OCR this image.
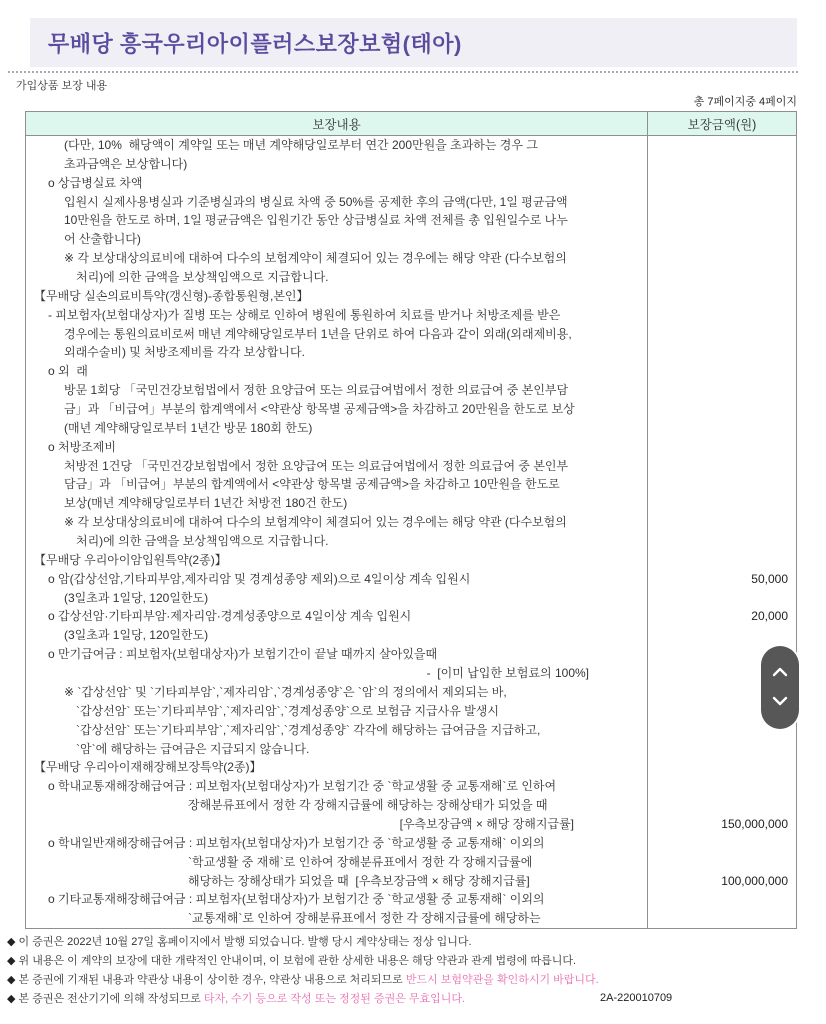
무배당 흥국우리아이플러스보장보험(태아)
가입상품 보장 내용
총 7페이지중 4페이지
보장내용	보장금액(원)
(다만, 10%  해당액이 계약일 또는 매년 계약해당일로부터 연간 200만원을 초과하는 경우 그
초과금액은 보상합니다)
o 상급병실료 차액
입원시 실제사용병실과 기준병실과의 병실료 차액 중 50%를 공제한 후의 금액(다만, 1일 평균금액
10만원을 한도로 하며, 1일 평균금액은 입원기간 동안 상급병실료 차액 전체를 총 입원일수로 나누
어 산출합니다)
※ 각 보상대상의료비에 대하여 다수의 보험계약이 체결되어 있는 경우에는 해당 약관 (다수보험의
처리)에 의한 금액을 보상책임액으로 지급합니다.
【무배당 실손의료비특약(갱신형)-종합통원형,본인】
- 피보험자(보험대상자)가 질병 또는 상해로 인하여 병원에 통원하여 치료를 받거나 처방조제를 받은
경우에는 통원의료비로써 매년 계약해당일로부터 1년을 단위로 하여 다음과 같이 외래(외래제비용,
외래수술비) 및 처방조제비를 각각 보상합니다.
o 외  래
방문 1회당 「국민건강보험법에서 정한 요양급여 또는 의료급여법에서 정한 의료급여 중 본인부담
금」과 「비급여」부분의 합계액에서 <약관상 항목별 공제금액>을 차감하고 20만원을 한도로 보상
(매년 계약해당일로부터 1년간 방문 180회 한도)
o 처방조제비
처방전 1건당 「국민건강보험법에서 정한 요양급여 또는 의료급여법에서 정한 의료급여 중 본인부
담금」과 「비급여」부분의 합계액에서 <약관상 항목별 공제금액>을 차감하고 10만원을 한도로
보상(매년 계약해당일로부터 1년간 처방전 180건 한도)
※ 각 보상대상의료비에 대하여 다수의 보험계약이 체결되어 있는 경우에는 해당 약관 (다수보험의
처리)에 의한 금액을 보상책임액으로 지급합니다.
【무배당 우리아이암입원특약(2종)】
o 암(갑상선암,기타피부암,제자리암 및 경계성종양 제외)으로 4일이상 계속 입원시	50,000
(3일초과 1일당, 120일한도)
o 갑상선암·기타피부암·제자리암·경계성종양으로 4일이상 계속 입원시	20,000
(3일초과 1일당, 120일한도)
o 만기급여금 : 피보험자(보험대상자)가 보험기간이 끝날 때까지 살아있을때
-  [이미 납입한 보험료의 100%]
※ `갑상선암` 및 `기타피부암`,`제자리암`,`경계성종양`은 `암`의 정의에서 제외되는 바,
`갑상선암` 또는`기타피부암`,`제자리암`,`경계성종양`으로 보험금 지급사유 발생시
`갑상선암` 또는`기타피부암`,`제자리암`,`경계성종양` 각각에 해당하는 급여금을 지급하고,
`암`에 해당하는 급여금은 지급되지 않습니다.
【무배당 우리아이재해장해보장특약(2종)】
o 학내교통재해장해급여금 : 피보험자(보험대상자)가 보험기간 중 `학교생활 중 교통재해`로 인하여
장해분류표에서 정한 각 장해지급률에 해당하는 장해상태가 되었을 때
[우측보장금액 × 해당 장해지급률]	150,000,000
o 학내일반재해장해급여금 : 피보험자(보험대상자)가 보험기간 중 `학교생활 중 교통재해` 이외의
`학교생활 중 재해`로 인하여 장해분류표에서 정한 각 장해지급률에
해당하는 장해상태가 되었을 때  [우측보장금액 × 해당 장해지급률]	100,000,000
o 기타교통재해장해급여금 : 피보험자(보험대상자)가 보험기간 중 `학교생활 중 교통재해` 이외의
`교통재해`로 인하여 장해분류표에서 정한 각 장해지급률에 해당하는
◆ 이 증권은 2022년 10월 27일 홈페이지에서 발행 되었습니다. 발행 당시 계약상태는 정상 입니다.
◆ 위 내용은 이 계약의 보장에 대한 개략적인 안내이며, 이 보험에 관한 상세한 내용은 해당 약관과 관계 법령에 따릅니다.
◆ 본 증권에 기재된 내용과 약관상 내용이 상이한 경우, 약관상 내용으로 처리되므로 반드시 보험약관을 확인하시기 바랍니다.
◆ 본 증권은 전산기기에 의해 작성되므로 타자, 수기 등으로 작성 또는 정정된 증권은 무효입니다.	2A-220010709
